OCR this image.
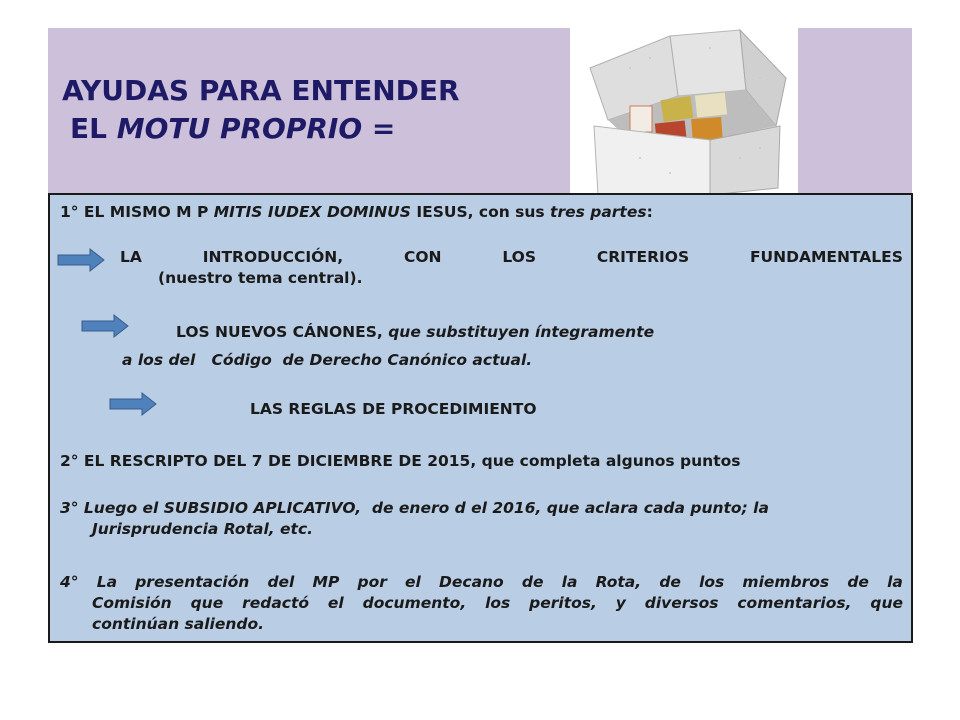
AYUDAS PARA ENTENDER
EL MOTU PROPRIO =
1° EL MISMO M P MITIS IUDEX DOMINUS IESUS, con sus tres partes:
LA	INTRODUCCIÓN,	CON	LOS	CRITERIOS	FUNDAMENTALES
(nuestro tema central).
LOS NUEVOS CÁNONES, que substituyen íntegramente
a los del   Código  de Derecho Canónico actual.
LAS REGLAS DE PROCEDIMIENTO
2° EL RESCRIPTO DEL 7 DE DICIEMBRE DE 2015, que completa algunos puntos
3° Luego el SUBSIDIO APLICATIVO,  de enero d el 2016, que aclara cada punto; la
Jurisprudencia Rotal, etc.
4° La presentación del MP por el Decano de la Rota, de los miembros de la
Comisión que redactó el documento, los peritos, y diversos comentarios, que
continúan saliendo.
